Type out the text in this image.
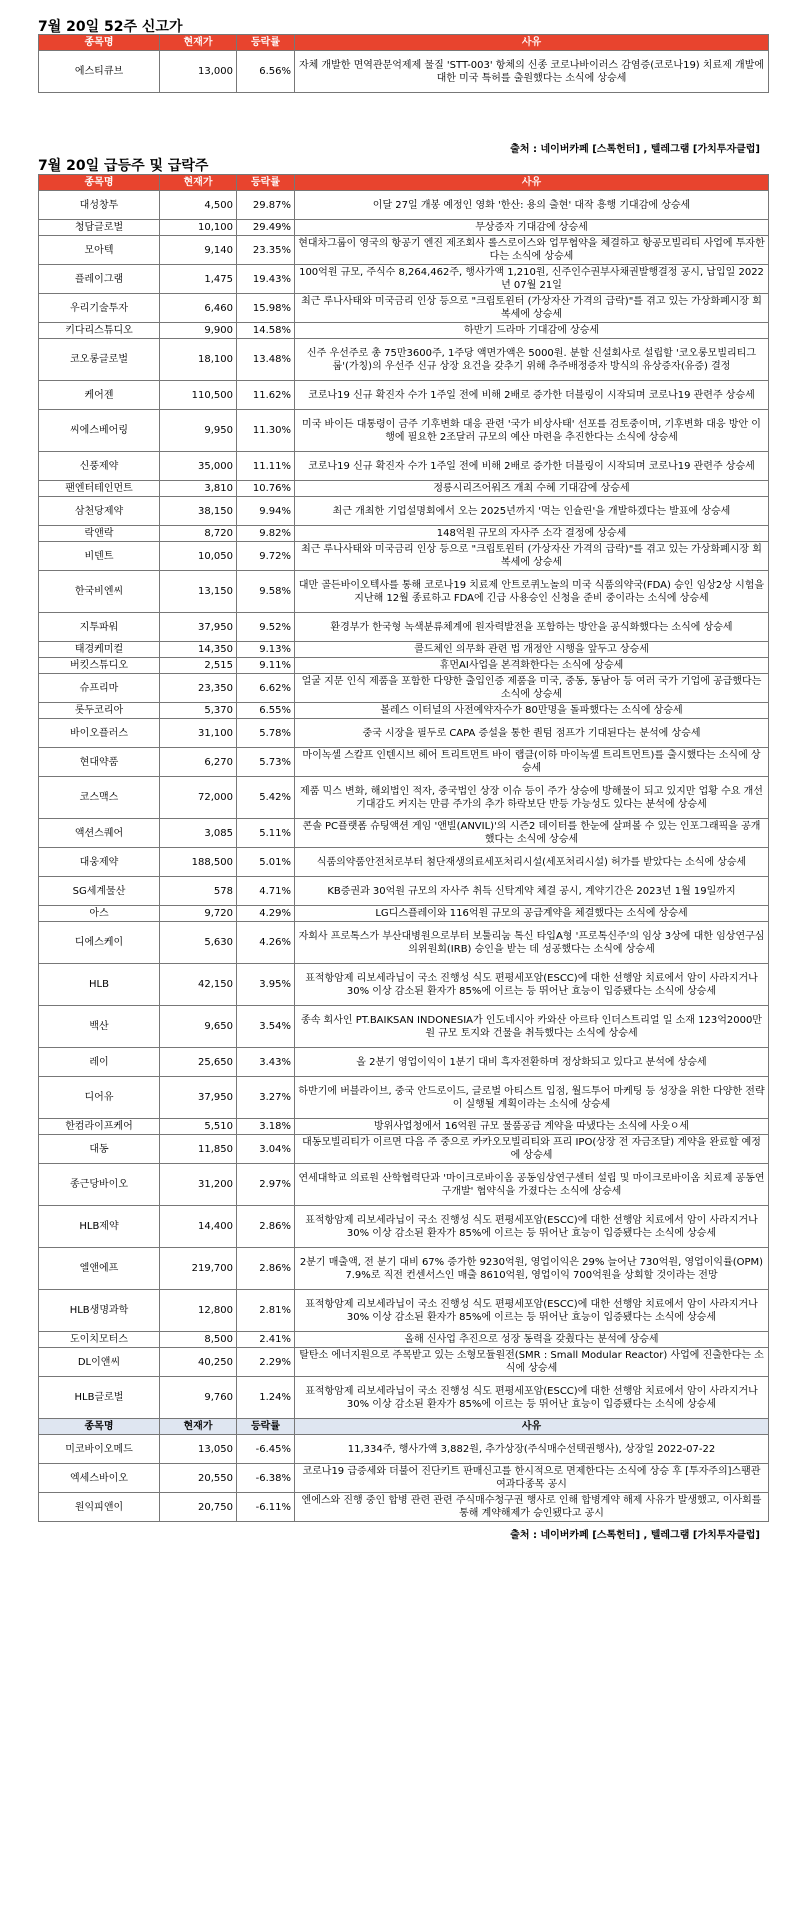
7월 20일 52주 신고가
종목명	현재가	등락률	사유
에스티큐브	13,000	6.56%	자체 개발한 면역관문억제제 물질 'STT-003' 항체의 신종 코로나바이러스 감염증(코로나19) 치료제 개발에 대한 미국 특허를 출원했다는 소식에 상승세
출처 : 네이버카페 [스톡헌터] , 텔레그램 [가치투자클럽]
7월 20일 급등주 및 급락주
종목명	현재가	등락률	사유
대성창투	4,500	29.87%	이달 27일 개봉 예정인 영화 '한산: 용의 출현' 대작 흥행 기대감에 상승세
청담글로벌	10,100	29.49%	무상증자 기대감에 상승세
모아텍	9,140	23.35%	현대차그룹이 영국의 항공기 엔진 제조회사 롤스로이스와 업무협약을 체결하고 항공모빌리티 사업에 투자한다는 소식에 상승세
플레이그램	1,475	19.43%	100억원 규모, 주식수 8,264,462주, 행사가액 1,210원, 신주인수권부사채권발행결정 공시, 납입일 2022년 07월 21일
우리기술투자	6,460	15.98%	최근 루나사태와 미국금리 인상 등으로 "크립토윈터 (가상자산 가격의 급락)"를 겪고 있는 가상화폐시장 회복세에 상승세
키다리스튜디오	9,900	14.58%	하반기 드라마 기대감에 상승세
코오롱글로벌	18,100	13.48%	신주 우선주로 총 75만3600주, 1주당 액면가액은 5000원. 분할 신설회사로 설립할 '코오롱모빌리티그룹'(가칭)의 우선주 신규 상장 요건을 갖추기 위해 추주배정증자 방식의 유상증자(유증) 결정
케어젠	110,500	11.62%	코로나19 신규 확진자 수가 1주일 전에 비해 2배로 증가한 더블링이 시작되며 코로나19 관련주 상승세
씨에스베어링	9,950	11.30%	미국 바이든 대통령이 금주 기후변화 대응 관련 '국가 비상사태' 선포를 검토중이며, 기후변화 대응 방안 이행에 필요한 2조달러 규모의 예산 마련을 추진한다는 소식에 상승세
신풍제약	35,000	11.11%	코로나19 신규 확진자 수가 1주일 전에 비해 2배로 증가한 더블링이 시작되며 코로나19 관련주 상승세
팬엔터테인먼트	3,810	10.76%	정릉시리즈어워즈 개최 수혜 기대감에 상승세
삼천당제약	38,150	9.94%	최근 개최한 기업설명회에서 오는 2025년까지 '먹는 인슐린'을 개발하겠다는 발표에 상승세
락앤락	8,720	9.82%	148억원 규모의 자사주 소각 결정에 상승세
비덴트	10,050	9.72%	최근 루나사태와 미국금리 인상 등으로 "크립토윈터 (가상자산 가격의 급락)"를 겪고 있는 가상화폐시장 회복세에 상승세
한국비엔씨	13,150	9.58%	대만 골든바이오텍사를 통해 코로나19 치료제 안트로퀴노놀의 미국 식품의약국(FDA) 승인 임상2상 시험을 지난해 12월 종료하고 FDA에 긴급 사용승인 신청을 준비 중이라는 소식에 상승세
지투파워	37,950	9.52%	환경부가 한국형 녹색분류체계에 원자력발전을 포함하는 방안을 공식화했다는 소식에 상승세
태경케미컬	14,350	9.13%	콜드체인 의무화 관련 법 개정안 시행을 앞두고 상승세
버킷스튜디오	2,515	9.11%	휴먼AI사업을 본격화한다는 소식에 상승세
슈프리마	23,350	6.62%	얼굴 지문 인식 제품을 포함한 다양한 출입인증 제품을 미국, 중동, 동남아 등 여러 국가 기업에 공급했다는 소식에 상승세
롯두코리아	5,370	6.55%	볼레스 이터널의 사전예약자수가 80만명을 돌파했다는 소식에 상승세
바이오플러스	31,100	5.78%	중국 시장을 필두로 CAPA 증설을 통한 퀀텀 점프가 기대된다는 분석에 상승세
현대약품	6,270	5.73%	마이녹셀 스칼프 인텐시브 헤어 트리트먼트 바이 랩클(이하 마이녹셀 트리트먼트)를 출시했다는 소식에 상승세
코스맥스	72,000	5.42%	제품 믹스 변화, 해외법인 적자, 중국법인 상장 이슈 등이 주가 상승에 방해물이 되고 있지만 업황 수요 개선 기대감도 커지는 만큼 주가의 추가 하락보단 반등 가능성도 있다는 분석에 상승세
액션스퀘어	3,085	5.11%	콘솔 PC플랫폼 슈팅액션 게임 '앤빌(ANVIL)'의 시즌2 데이터를 한눈에 살펴볼 수 있는 인포그래픽을 공개했다는 소식에 상승세
대웅제약	188,500	5.01%	식품의약품안전처로부터 첨단재생의료세포처리시설(세포처리시설) 허가를 받았다는 소식에 상승세
SG세계물산	578	4.71%	KB증권과 30억원 규모의 자사주 취득 신탁계약 체결 공시, 계약기간은 2023년 1월 19일까지
아스	9,720	4.29%	LG디스플레이와 116억원 규모의 공급계약을 체결했다는 소식에 상승세
디에스케이	5,630	4.26%	자회사 프로톡스가 부산대병원으로부터 보툴리눔 톡신 타입A형 '프로톡신주'의 임상 3상에 대한 임상연구심의위원회(IRB) 승인을 받는 데 성공했다는 소식에 상승세
HLB	42,150	3.95%	표적항암제 리보세라닙이 국소 진행성 식도 편평세포암(ESCC)에 대한 선행암 치료에서 암이 사라지거나 30% 이상 감소된 환자가 85%에 이르는 등 뛰어난 효능이 입증됐다는 소식에 상승세
백산	9,650	3.54%	종속 회사인 PT.BAIKSAN INDONESIA가 인도네시아 카와산 아르타 인더스트리얼 일 소재 123억2000만원 규모 토지와 건물을 취득했다는 소식에 상승세
레이	25,650	3.43%	올 2분기 영업이익이 1분기 대비 흑자전환하며 정상화되고 있다고 분석에 상승세
디어유	37,950	3.27%	하반기에 버블라이브, 중국 안드로이드, 글로벌 아티스트 입점, 월드투어 마케팅 등 성장을 위한 다양한 전략이 실행될 계획이라는 소식에 상승세
한컴라이프케어	5,510	3.18%	방위사업청에서 16억원 규모 물품공급 계약을 따냈다는 소식에 사웃ㅇ세
대동	11,850	3.04%	대동모빌리티가 이르면 다음 주 중으로 카카오모빌리티와 프리 IPO(상장 전 자금조달) 계약을 완료할 예정에 상승세
종근당바이오	31,200	2.97%	연세대학교 의료원 산학협력단과 '마이크로바이옴 공동임상연구센터 설립 및 마이크로바이옴 치료제 공동연구개발' 협약식을 가졌다는 소식에 상승세
HLB제약	14,400	2.86%	표적항암제 리보세라닙이 국소 진행성 식도 편평세포암(ESCC)에 대한 선행암 치료에서 암이 사라지거나 30% 이상 감소된 환자가 85%에 이르는 등 뛰어난 효능이 입증됐다는 소식에 상승세
엘앤에프	219,700	2.86%	2분기 매출액, 전 분기 대비 67% 증가한 9230억원, 영업이익은 29% 늘어난 730억원, 영업이익률(OPM) 7.9%로 직전 컨센서스인 매출 8610억원, 영업이익 700억원을 상회할 것이라는 전망
HLB생명과학	12,800	2.81%	표적항암제 리보세라닙이 국소 진행성 식도 편평세포암(ESCC)에 대한 선행암 치료에서 암이 사라지거나 30% 이상 감소된 환자가 85%에 이르는 등 뛰어난 효능이 입증됐다는 소식에 상승세
도이치모터스	8,500	2.41%	올해 신사업 추진으로 성장 동력을 갖췄다는 분석에 상승세
DL이앤씨	40,250	2.29%	탈탄소 에너지원으로 주목받고 있는 소형모듈원전(SMR : Small Modular Reactor) 사업에 진출한다는 소식에 상승세
HLB글로벌	9,760	1.24%	표적항암제 리보세라닙이 국소 진행성 식도 편평세포암(ESCC)에 대한 선행암 치료에서 암이 사라지거나 30% 이상 감소된 환자가 85%에 이르는 등 뛰어난 효능이 입증됐다는 소식에 상승세
종목명	현재가	등락률	사유
미코바이오메드	13,050	-6.45%	11,334주, 행사가액 3,882원, 추가상장(주식매수선택권행사), 상장일 2022-07-22
엑세스바이오	20,550	-6.38%	코로나19 급증세와 더불어 진단키트 판매신고를 한시적으로 면제한다는 소식에 상승 후 [투자주의]스팸관여과다종목 공시
원익피앤이	20,750	-6.11%	엔에스와 진행 중인 합병 관련 관련 주식매수청구권 행사로 인해 합병계약 해제 사유가 발생했고, 이사회를 통해 계약해제가 승인됐다고 공시
출처 : 네이버카페 [스톡헌터] , 텔레그램 [가치투자클럽]
